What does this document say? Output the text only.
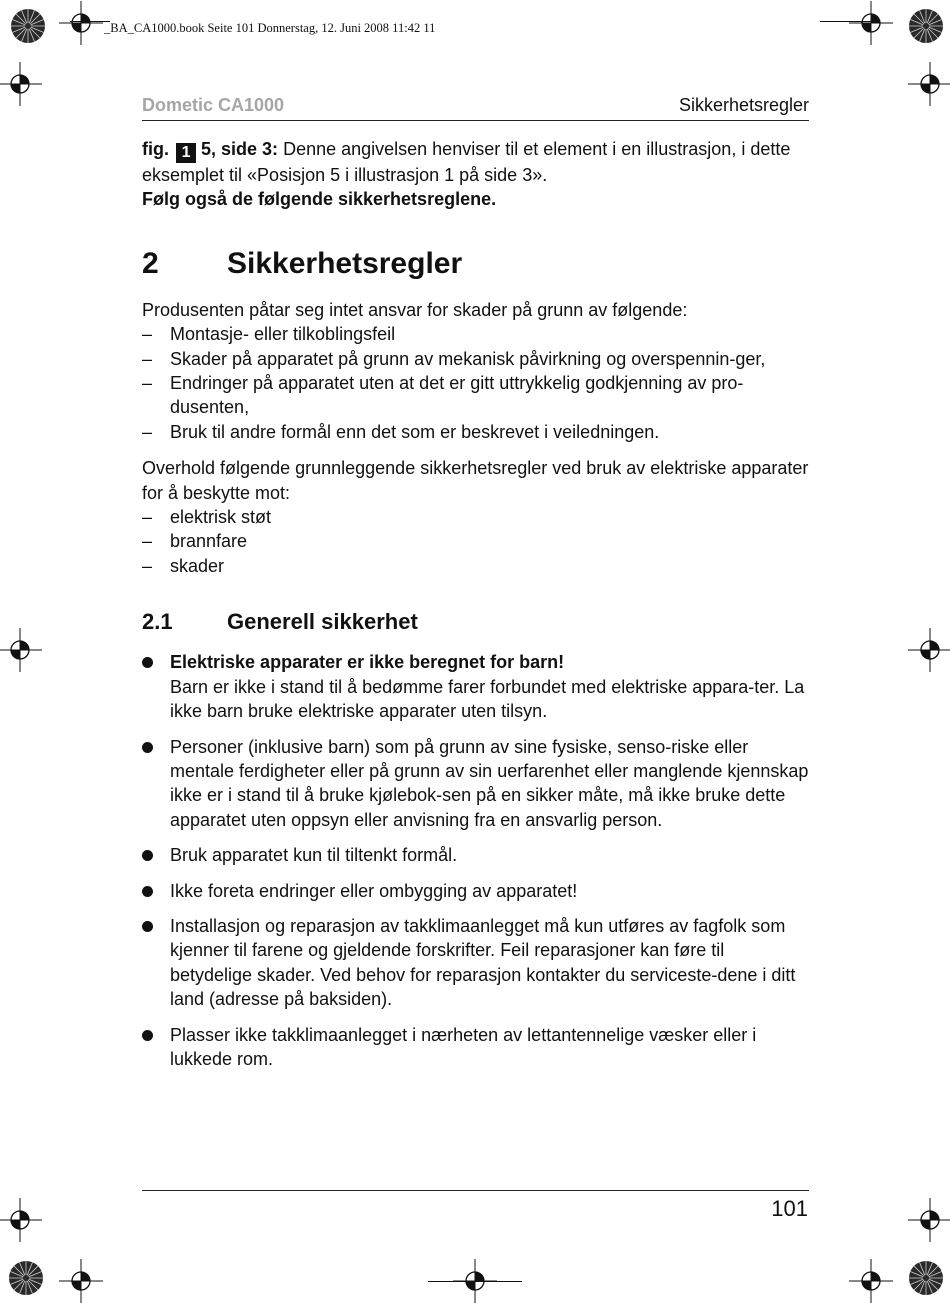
_BA_CA1000.book Seite 101 Donnerstag, 12. Juni 2008 11:42 11
Dometic CA1000	Sikkerhetsregler

fig. 1 5, side 3: Denne angivelsen henviser til et element i en illustrasjon, i dette eksemplet til «Posisjon 5 i illustrasjon 1 på side 3».

Følg også de følgende sikkerhetsreglene.

2	Sikkerhetsregler

Produsenten påtar seg intet ansvar for skader på grunn av følgende:

– Montasje- eller tilkoblingsfeil
– Skader på apparatet på grunn av mekanisk påvirkning og overspennin-ger,
– Endringer på apparatet uten at det er gitt uttrykkelig godkjenning av pro-dusenten,
– Bruk til andre formål enn det som er beskrevet i veiledningen.

Overhold følgende grunnleggende sikkerhetsregler ved bruk av elektriske apparater for å beskytte mot:

– elektrisk støt
– brannfare
– skader
2.1	Generell sikkerhet
Elektriske apparater er ikke beregnet for barn!
Barn er ikke i stand til å bedømme farer forbundet med elektriske appara-ter. La ikke barn bruke elektriske apparater uten tilsyn.
Personer (inklusive barn) som på grunn av sine fysiske, senso-riske eller mentale ferdigheter eller på grunn av sin uerfarenhet eller manglende kjennskap ikke er i stand til å bruke kjølebok-sen på en sikker måte, må ikke bruke dette apparatet uten oppsyn eller anvisning fra en ansvarlig person.
Bruk apparatet kun til tiltenkt formål.
Ikke foreta endringer eller ombygging av apparatet!
Installasjon og reparasjon av takklimaanlegget må kun utføres av fagfolk som kjenner til farene og gjeldende forskrifter. Feil reparasjoner kan føre til betydelige skader. Ved behov for reparasjon kontakter du serviceste-dene i ditt land (adresse på baksiden).
Plasser ikke takklimaanlegget i nærheten av lettantennelige væsker eller i lukkede rom.
101
